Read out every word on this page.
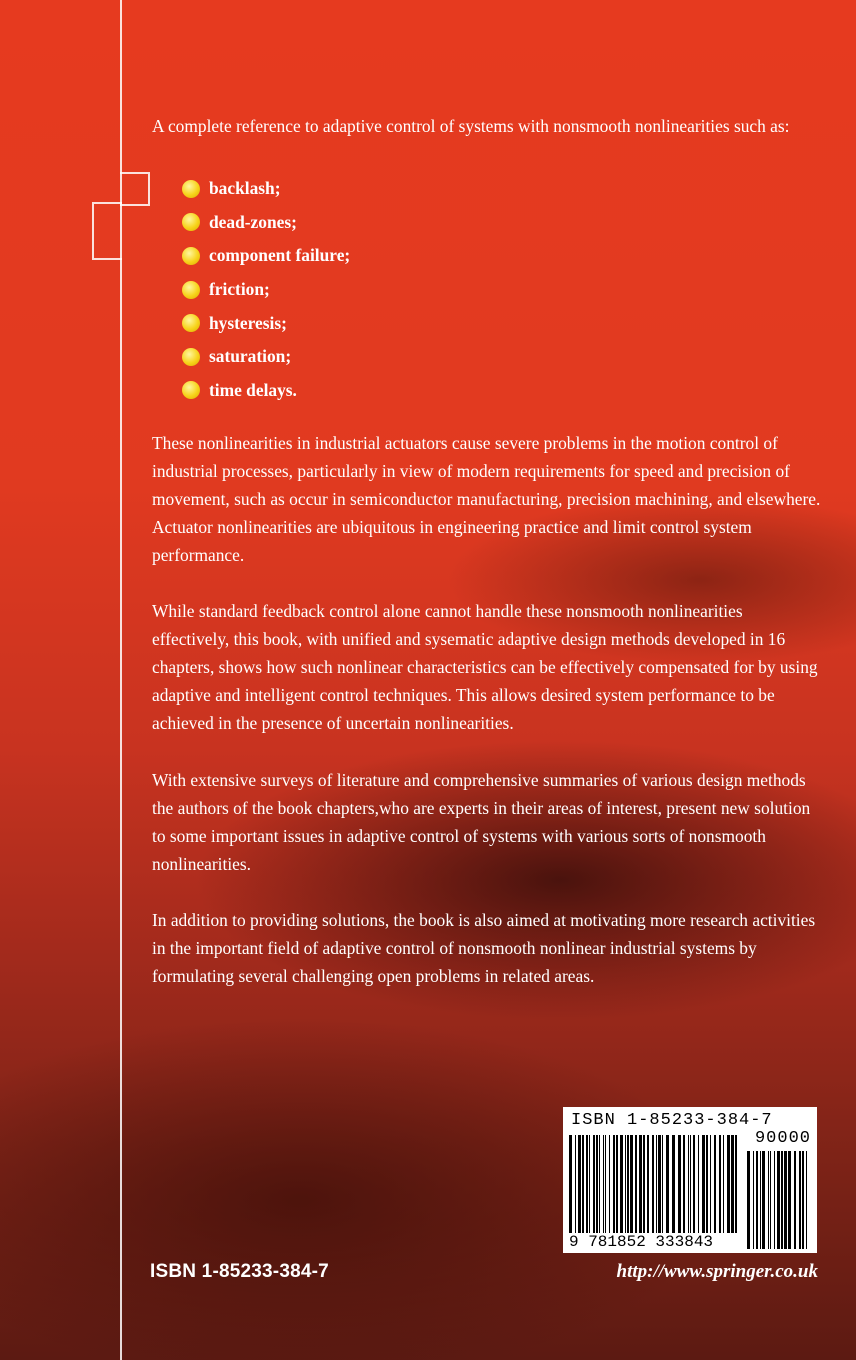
A complete reference to adaptive control of systems with nonsmooth nonlinearities such as:

backlash;
dead-zones;
component failure;
friction;
hysteresis;
saturation;
time delays.

These nonlinearities in industrial actuators cause severe problems in the motion control of industrial processes, particularly in view of modern requirements for speed and precision of movement, such as occur in semiconductor manufacturing, precision machining, and elsewhere. Actuator nonlinearities are ubiquitous in engineering practice and limit control system performance.

While standard feedback control alone cannot handle these nonsmooth nonlinearities effectively, this book, with unified and sysematic adaptive design methods developed in 16 chapters, shows how such nonlinear characteristics can be effectively compensated for by using adaptive and intelligent control techniques. This allows desired system performance to be achieved in the presence of uncertain nonlinearities.

With extensive surveys of literature and comprehensive summaries of various design methods the authors of the book chapters,who are experts in their areas of interest, present new solution to some important issues in adaptive control of systems with various sorts of nonsmooth nonlinearities.

In addition to providing solutions, the book is also aimed at motivating more research activities in the important field of adaptive control of nonsmooth nonlinear industrial systems by formulating several challenging open problems in related areas.

ISBN 1-85233-384-7
90000
9 781852 333843
ISBN 1-85233-384-7	http://www.springer.co.uk
